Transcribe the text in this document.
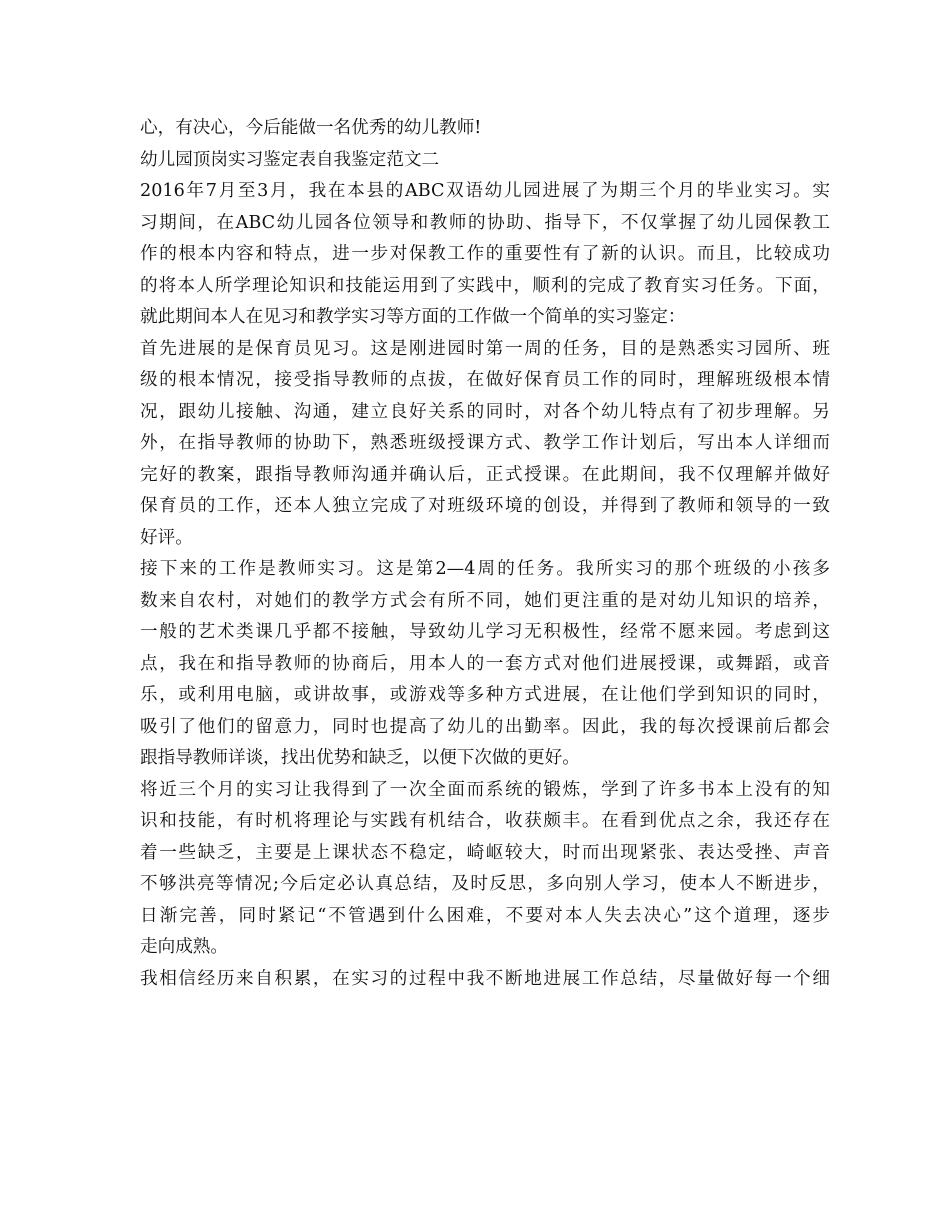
心，有决心，今后能做一名优秀的幼儿教师!
幼儿园顶岗实习鉴定表自我鉴定范文二
2016年7月至3月，我在本县的ABC双语幼儿园进展了为期三个月的毕业实习。实
习期间，在ABC幼儿园各位领导和教师的协助、指导下，不仅掌握了幼儿园保教工
作的根本内容和特点，进一步对保教工作的重要性有了新的认识。而且，比较成功
的将本人所学理论知识和技能运用到了实践中，顺利的完成了教育实习任务。下面，
就此期间本人在见习和教学实习等方面的工作做一个简单的实习鉴定：
首先进展的是保育员见习。这是刚进园时第一周的任务，目的是熟悉实习园所、班
级的根本情况，接受指导教师的点拔，在做好保育员工作的同时，理解班级根本情
况，跟幼儿接触、沟通，建立良好关系的同时，对各个幼儿特点有了初步理解。另
外，在指导教师的协助下，熟悉班级授课方式、教学工作计划后，写出本人详细而
完好的教案，跟指导教师沟通并确认后，正式授课。在此期间，我不仅理解并做好
保育员的工作，还本人独立完成了对班级环境的创设，并得到了教师和领导的一致
好评。
接下来的工作是教师实习。这是第2—4周的任务。我所实习的那个班级的小孩多
数来自农村，对她们的教学方式会有所不同，她们更注重的是对幼儿知识的培养，
一般的艺术类课几乎都不接触，导致幼儿学习无积极性，经常不愿来园。考虑到这
点，我在和指导教师的协商后，用本人的一套方式对他们进展授课，或舞蹈，或音
乐，或利用电脑，或讲故事，或游戏等多种方式进展，在让他们学到知识的同时，
吸引了他们的留意力，同时也提高了幼儿的出勤率。因此，我的每次授课前后都会
跟指导教师详谈，找出优势和缺乏，以便下次做的更好。
将近三个月的实习让我得到了一次全面而系统的锻炼，学到了许多书本上没有的知
识和技能，有时机将理论与实践有机结合，收获颇丰。在看到优点之余，我还存在
着一些缺乏，主要是上课状态不稳定，崎岖较大，时而出现紧张、表达受挫、声音
不够洪亮等情况;今后定必认真总结，及时反思，多向别人学习，使本人不断进步，
日渐完善，同时紧记“不管遇到什么困难，不要对本人失去决心”这个道理，逐步
走向成熟。
我相信经历来自积累，在实习的过程中我不断地进展工作总结，尽量做好每一个细
